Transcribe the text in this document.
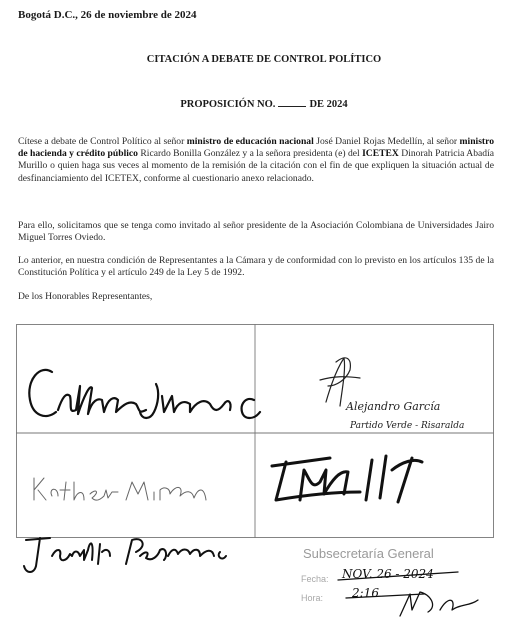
Bogotá D.C., 26 de noviembre de 2024
CITACIÓN A DEBATE DE CONTROL POLÍTICO
PROPOSICIÓN NO.	DE 2024
Cítese a debate de Control Político al señor ministro de educación nacional José Daniel Rojas Medellín, al señor ministro de hacienda y crédito público Ricardo Bonilla González y a la señora presidenta (e) del ICETEX Dinorah Patricia Abadía Murillo o quien haga sus veces al momento de la remisión de la citación con el fin de que expliquen la situación actual de desfinanciamiento del ICETEX, conforme al cuestionario anexo relacionado.
Para ello, solicitamos que se tenga como invitado al señor presidente de la Asociación Colombiana de Universidades Jairo Miguel Torres Oviedo.
Lo anterior, en nuestra condición de Representantes a la Cámara y de conformidad con lo previsto en los artículos 135 de la Constitución Política y el artículo 249 de la Ley 5 de 1992.
De los Honorables Representantes,
Alejandro García
Partido Verde - Risaralda
NOV. 26 - 2024
2:16
Subsecretaría General
Fecha:
Hora:
